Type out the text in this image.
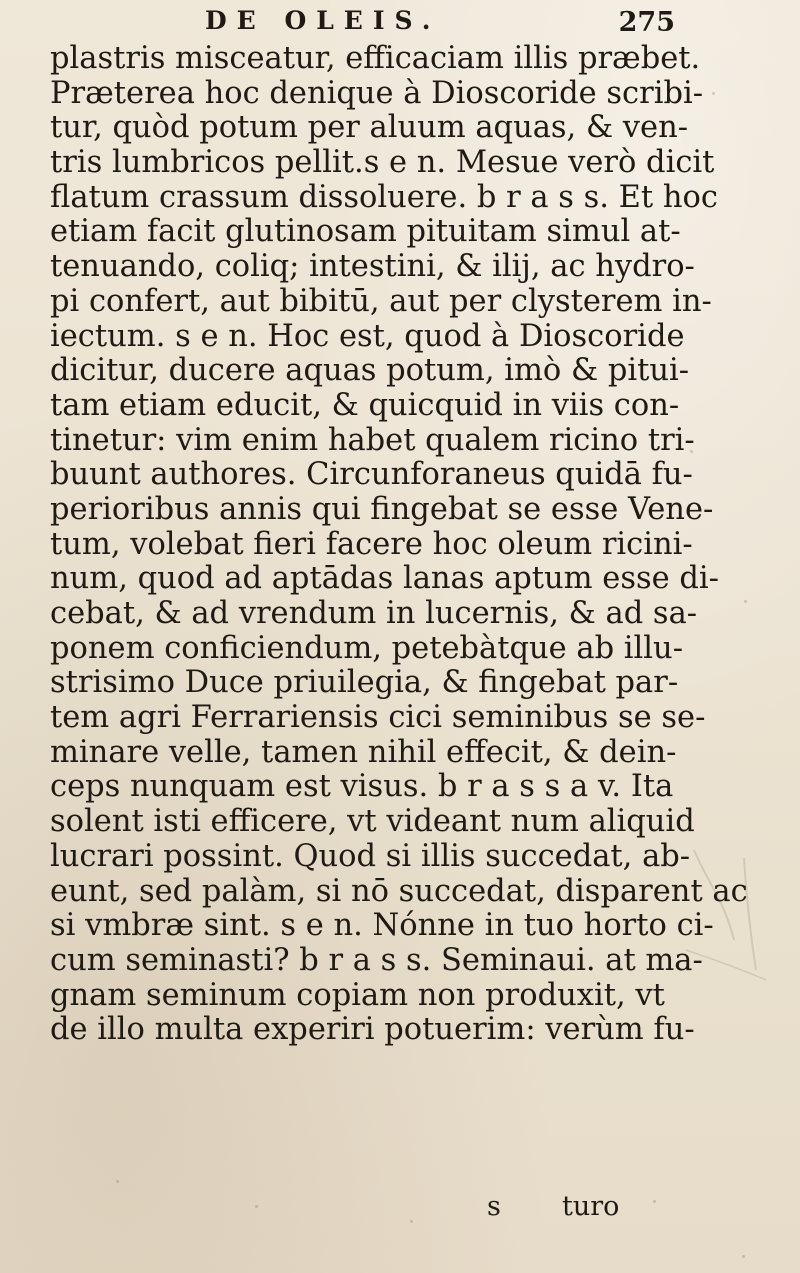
DE OLEIS.	275
plastris misceatur, efficaciam illis præbet.
Præterea hoc denique à Dioscoride scribi-
tur, quòd potum per aluum aquas, & ven-
tris lumbricos pellit.s e n. Mesue verò dicit
flatum crassum dissoluere. b r a s s. Et hoc
etiam facit glutinosam pituitam simul at-
tenuando, coliq; intestini, & ilij, ac hydro-
pi confert, aut bibitū, aut per clysterem in-
iectum. s e n. Hoc est, quod à Dioscoride
dicitur, ducere aquas potum, imò & pitui-
tam etiam educit, & quicquid in viis con-
tinetur: vim enim habet qualem ricino tri-
buunt authores. Circunforaneus quidā fu-
perioribus annis qui fingebat se esse Vene-
tum, volebat fieri facere hoc oleum ricini-
num, quod ad aptādas lanas aptum esse di-
cebat, & ad vrendum in lucernis, & ad sa-
ponem conficiendum, petebàtque ab illu-
strisimo Duce priuilegia, & fingebat par-
tem agri Ferrariensis cici seminibus se se-
minare velle, tamen nihil effecit, & dein-
ceps nunquam est visus. b r a s s a v. Ita
solent isti efficere, vt videant num aliquid
lucrari possint. Quod si illis succedat, ab-
eunt, sed palàm, si nō succedat, disparent ac
si vmbræ sint. s e n. Nónne in tuo horto ci-
cum seminasti? b r a s s. Seminaui. at ma-
gnam seminum copiam non produxit, vt
de illo multa experiri potuerim: verùm fu-
s turo
